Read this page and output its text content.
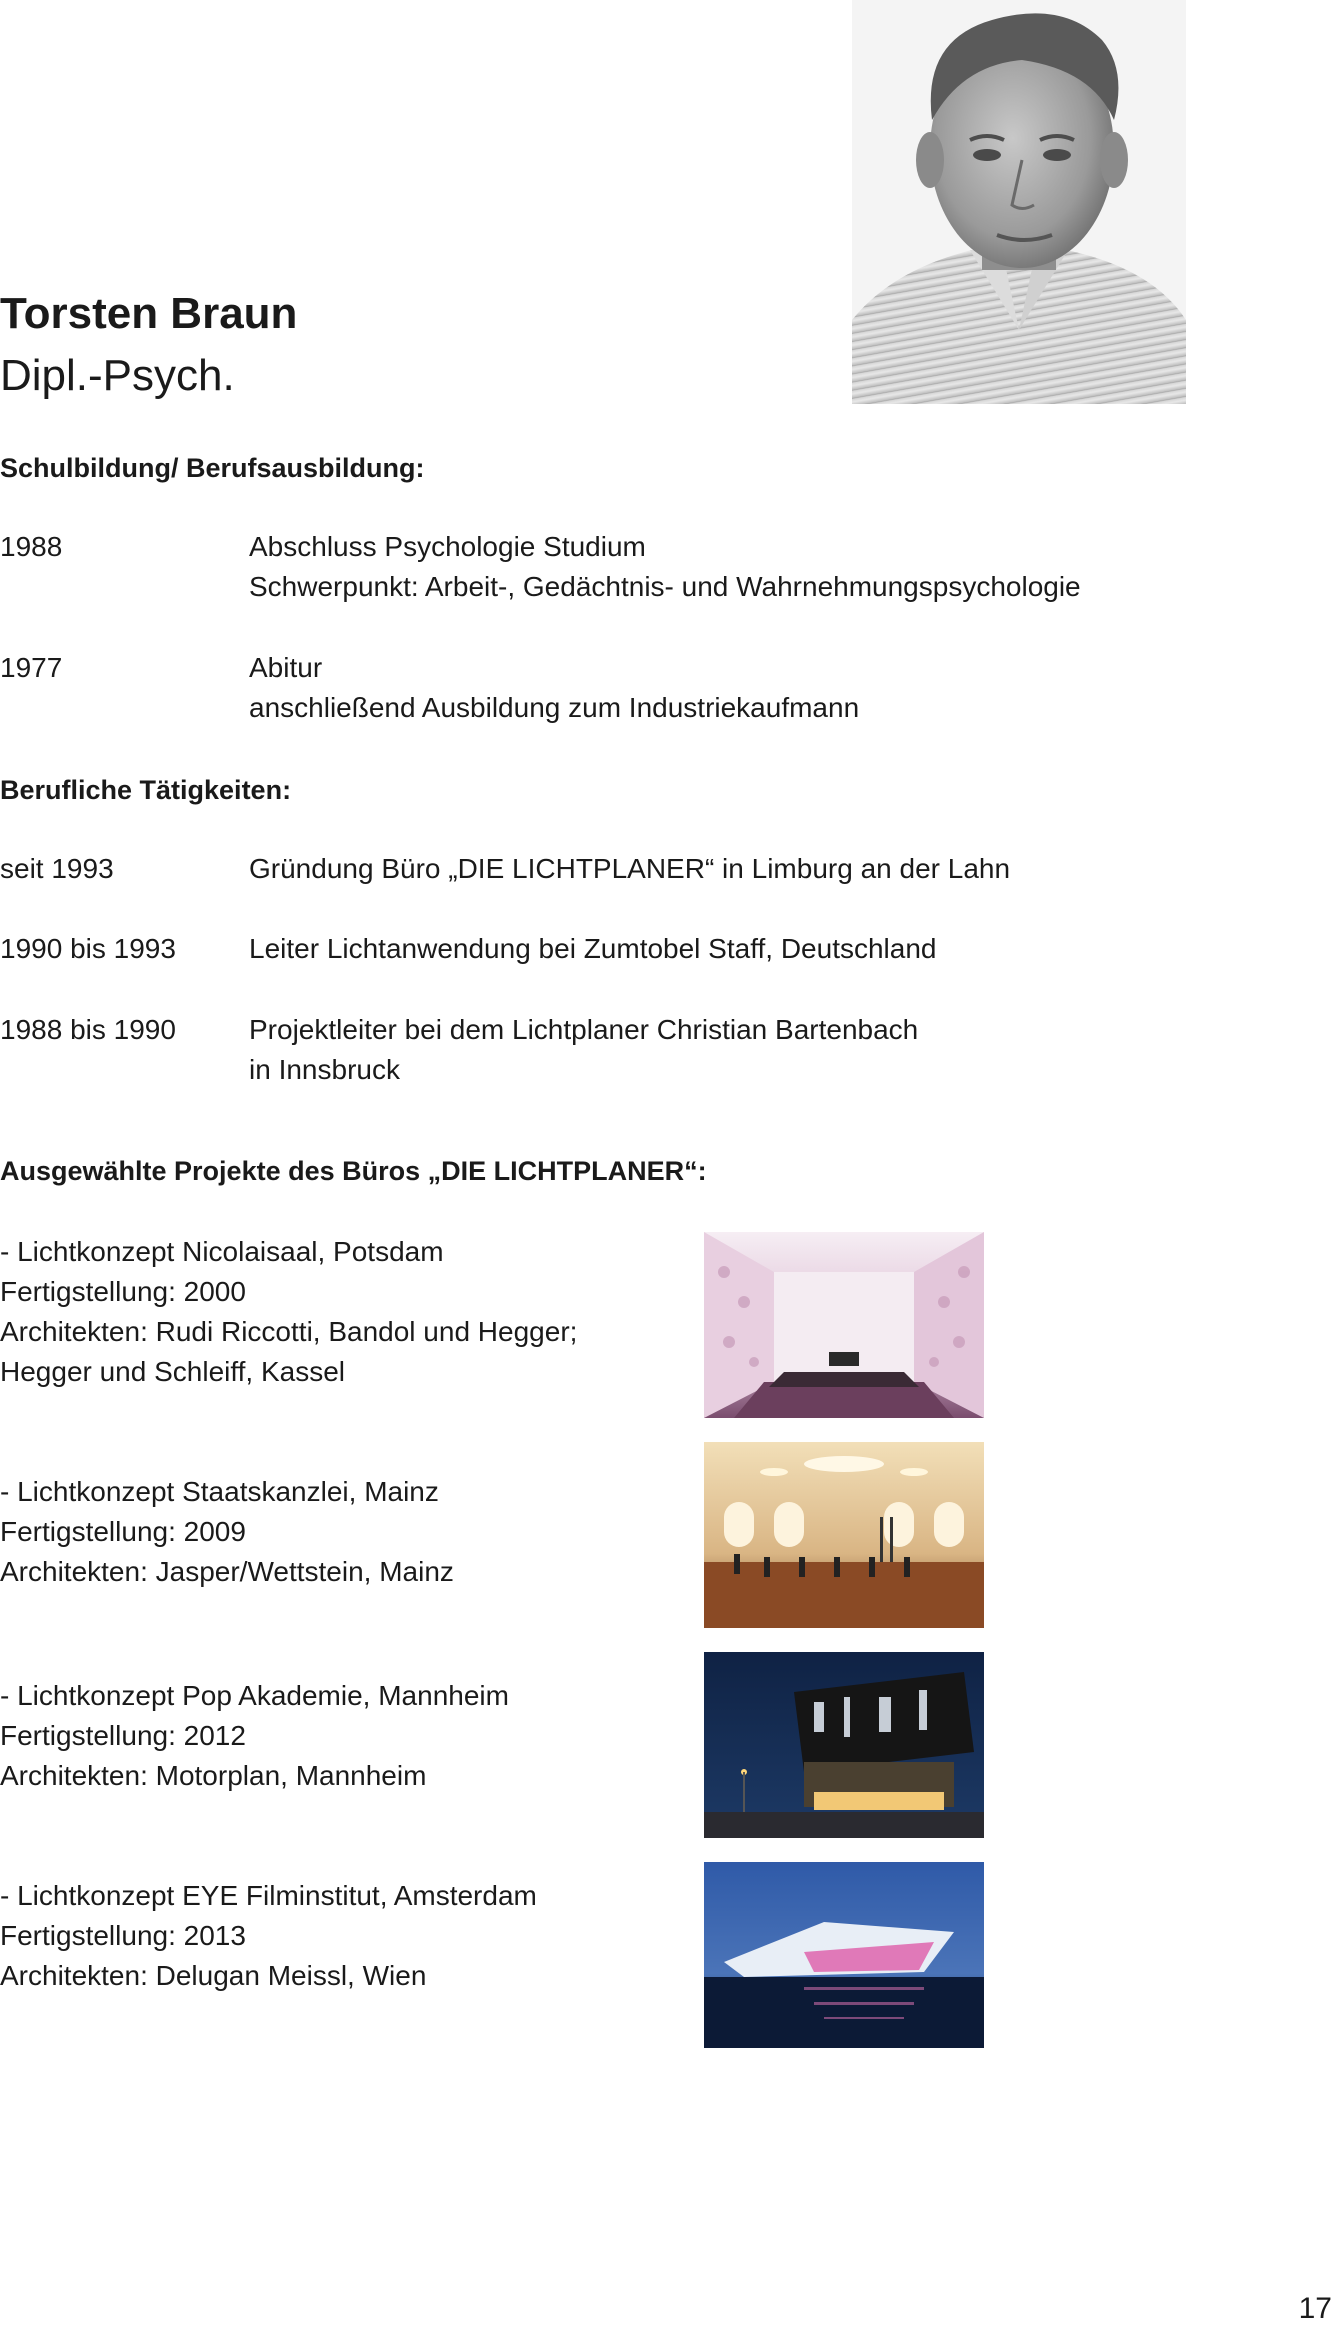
Torsten Braun
Dipl.-Psych.
Schulbildung/ Berufsausbildung:
1988	Abschluss Psychologie Studium
Schwerpunkt: Arbeit-, Gedächtnis- und Wahrnehmungspsychologie
1977	Abitur
anschließend Ausbildung zum Industriekaufmann
Berufliche Tätigkeiten:
seit 1993	Gründung Büro „DIE LICHTPLANER“ in Limburg an der Lahn
1990 bis 1993	Leiter Lichtanwendung bei Zumtobel Staff, Deutschland
1988 bis 1990	Projektleiter bei dem Lichtplaner Christian Bartenbach
in Innsbruck
Ausgewählte Projekte des Büros „DIE LICHTPLANER“:
- Lichtkonzept Nicolaisaal, Potsdam
Fertigstellung: 2000
Architekten: Rudi Riccotti, Bandol und Hegger;
Hegger und Schleiff, Kassel
- Lichtkonzept Staatskanzlei, Mainz
Fertigstellung: 2009
Architekten: Jasper/Wettstein, Mainz
- Lichtkonzept Pop Akademie, Mannheim
Fertigstellung: 2012
Architekten: Motorplan, Mannheim
- Lichtkonzept EYE Filminstitut, Amsterdam
Fertigstellung: 2013
Architekten: Delugan Meissl, Wien
17
